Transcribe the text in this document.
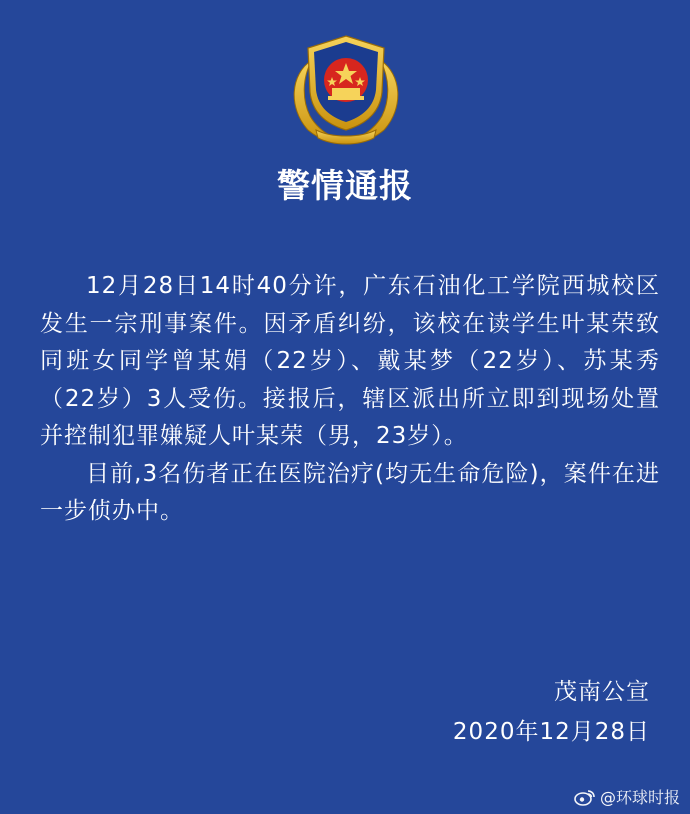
警情通报

12月28日14时40分许，广东石油化工学院西城校区发生一宗刑事案件。因矛盾纠纷，该校在读学生叶某荣致同班女同学曾某娟（22岁）、戴某梦（22岁）、苏某秀（22岁）3人受伤。接报后，辖区派出所立即到现场处置并控制犯罪嫌疑人叶某荣（男，23岁）。

目前,3名伤者正在医院治疗(均无生命危险)，案件在进一步侦办中。

茂南公宣
2020年12月28日
@环球时报
